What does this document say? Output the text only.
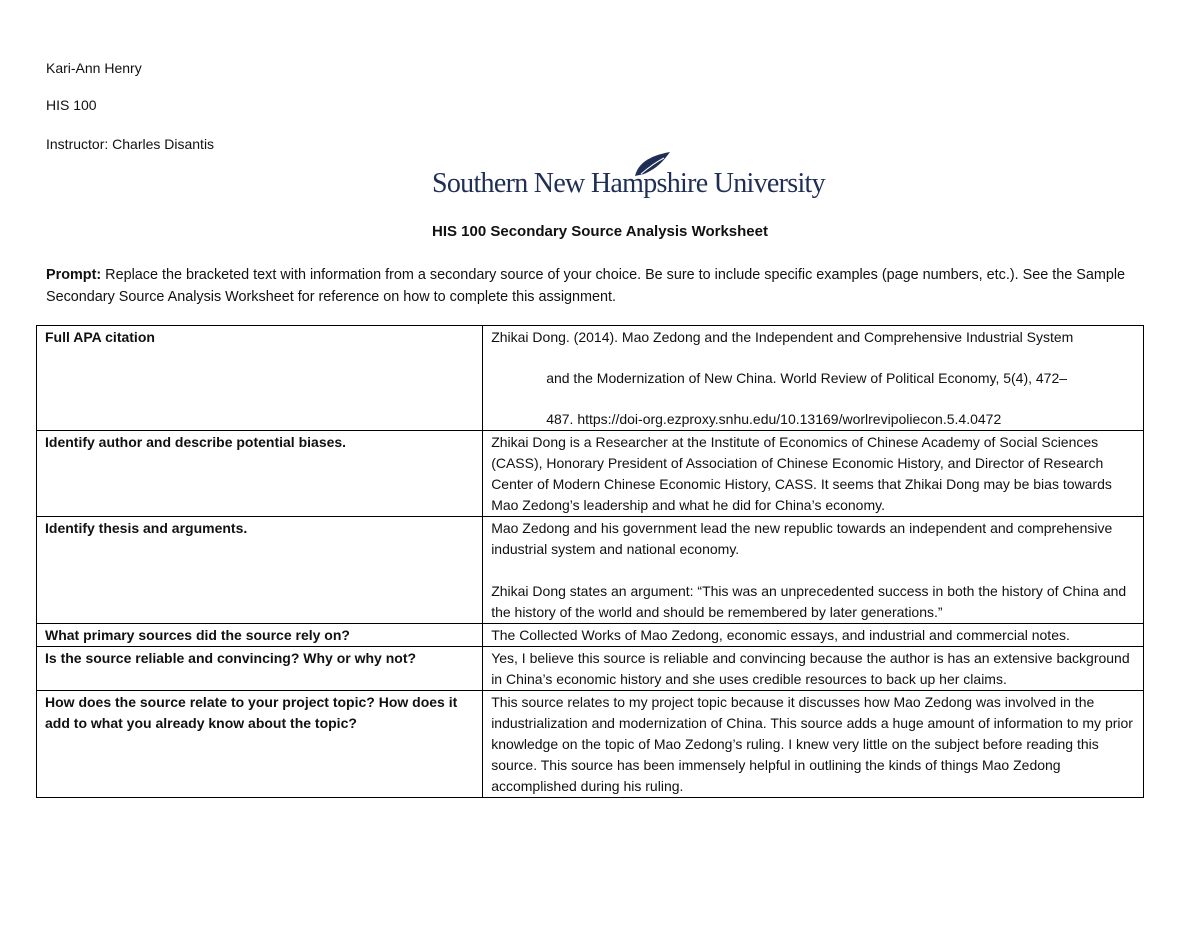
Kari-Ann Henry
HIS 100
Instructor: Charles Disantis
Southern New Hampshire University
HIS 100 Secondary Source Analysis Worksheet
Prompt: Replace the bracketed text with information from a secondary source of your choice. Be sure to include specific examples (page numbers, etc.). See the Sample Secondary Source Analysis Worksheet for reference on how to complete this assignment.
Full APA citation	Zhikai Dong. (2014). Mao Zedong and the Independent and Comprehensive Industrial System
and the Modernization of New China. World Review of Political Economy, 5(4), 472–
487. https://doi-org.ezproxy.snhu.edu/10.13169/worlrevipoliecon.5.4.0472

Identify author and describe potential biases.	Zhikai Dong is a Researcher at the Institute of Economics of Chinese Academy of Social Sciences (CASS), Honorary President of Association of Chinese Economic History, and Director of Research Center of Modern Chinese Economic History, CASS. It seems that Zhikai Dong may be bias towards Mao Zedong’s leadership and what he did for China’s economy.
Identify thesis and arguments.	Mao Zedong and his government lead the new republic towards an independent and comprehensive industrial system and national economy.
Zhikai Dong states an argument: “This was an unprecedented success in both the history of China and the history of the world and should be remembered by later generations.”

What primary sources did the source rely on?	The Collected Works of Mao Zedong, economic essays, and industrial and commercial notes.
Is the source reliable and convincing? Why or why not?	Yes, I believe this source is reliable and convincing because the author is has an extensive background in China’s economic history and she uses credible resources to back up her claims.
How does the source relate to your project topic? How does it add to what you already know about the topic?	This source relates to my project topic because it discusses how Mao Zedong was involved in the industrialization and modernization of China. This source adds a huge amount of information to my prior knowledge on the topic of Mao Zedong’s ruling. I knew very little on the subject before reading this source. This source has been immensely helpful in outlining the kinds of things Mao Zedong accomplished during his ruling.
